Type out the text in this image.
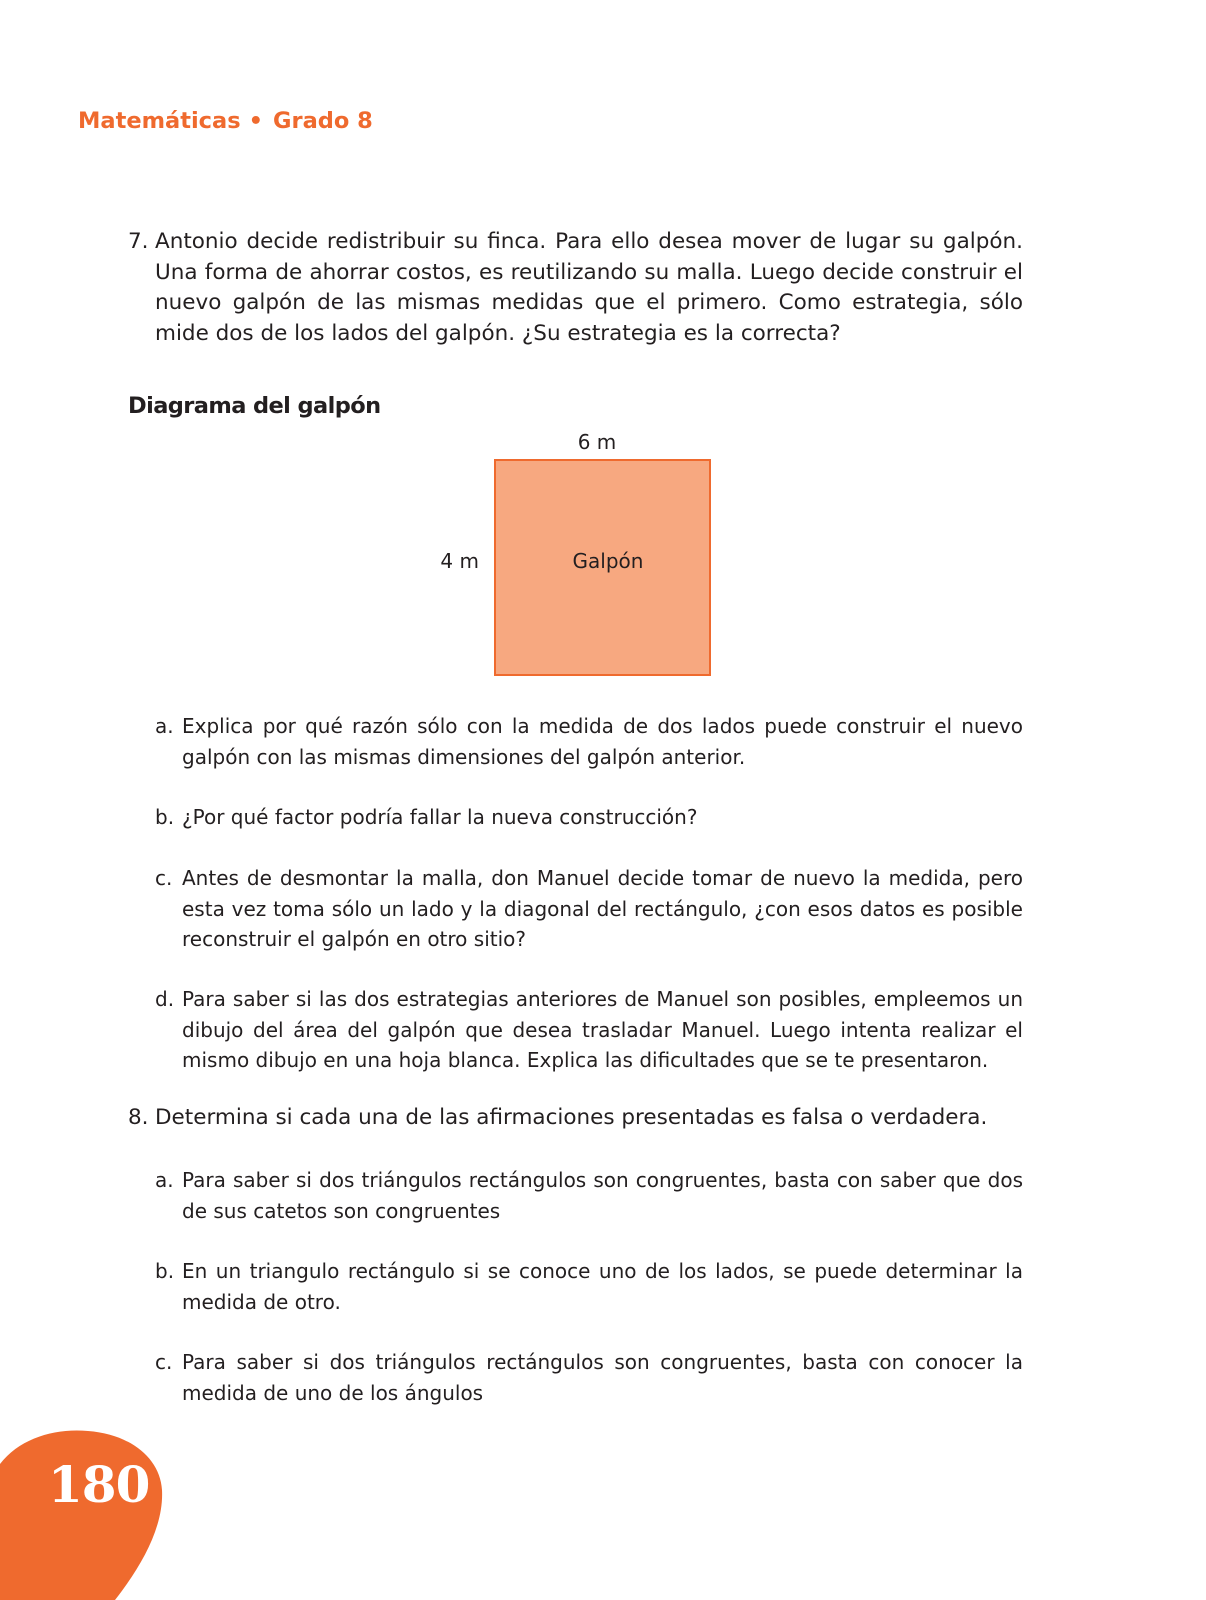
Matemáticas • Grado 8
7. Antonio decide redistribuir su finca. Para ello desea mover de lugar su galpón. Una forma de ahorrar costos, es reutilizando su malla. Luego decide construir el nuevo galpón de las mismas medidas que el primero. Como estrategia, sólo mide dos de los lados del galpón. ¿Su estrategia es la correcta?
Diagrama del galpón
6 m
4 m	Galpón
a. Explica por qué razón sólo con la medida de dos lados puede construir el nuevo galpón con las mismas dimensiones del galpón anterior.
b. ¿Por qué factor podría fallar la nueva construcción?
c. Antes de desmontar la malla, don Manuel decide tomar de nuevo la medida, pero esta vez toma sólo un lado y la diagonal del rectángulo, ¿con esos datos es posible reconstruir el galpón en otro sitio?
d. Para saber si las dos estrategias anteriores de Manuel son posibles, empleemos un dibujo del área del galpón que desea trasladar Manuel. Luego intenta realizar el mismo dibujo en una hoja blanca. Explica las dificultades que se te presentaron.
8. Determina si cada una de las afirmaciones presentadas es falsa o verdadera.
a. Para saber si dos triángulos rectángulos son congruentes, basta con saber que dos de sus catetos son congruentes
b. En un triangulo rectángulo si se conoce uno de los lados, se puede determinar la medida de otro.
c. Para saber si dos triángulos rectángulos son congruentes, basta con conocer la medida de uno de los ángulos
180
